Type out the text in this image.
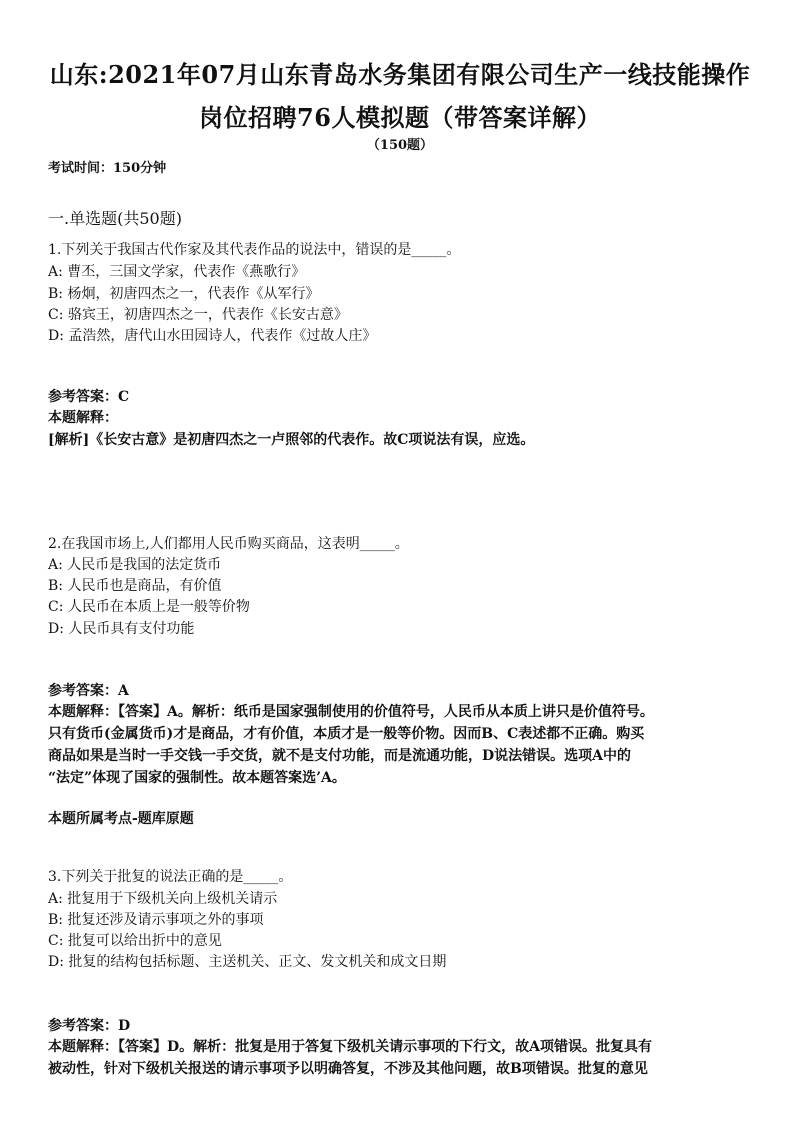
山东:2021年07月山东青岛水务集团有限公司生产一线技能操作
岗位招聘76人模拟题（带答案详解）
（150题）
考试时间：150分钟
一.单选题(共50题)
1.下列关于我国古代作家及其代表作品的说法中，错误的是_____。
A: 曹丕，三国文学家，代表作《燕歌行》
B: 杨炯，初唐四杰之一，代表作《从军行》
C: 骆宾王，初唐四杰之一，代表作《长安古意》
D: 孟浩然，唐代山水田园诗人，代表作《过故人庄》
参考答案：C
本题解释：
[解析]《长安古意》是初唐四杰之一卢照邻的代表作。故C项说法有误，应选。
2.在我国市场上,人们都用人民币购买商品，这表明_____。
A: 人民币是我国的法定货币
B: 人民币也是商品，有价值
C: 人民币在本质上是一般等价物
D: 人民币具有支付功能
参考答案：A
本题解释：【答案】A。解析：纸币是国家强制使用的价值符号，人民币从本质上讲只是价值符号。
只有货币(金属货币)才是商品，才有价值，本质才是一般等价物。因而B、C表述都不正确。购买
商品如果是当时一手交钱一手交货，就不是支付功能，而是流通功能，D说法错误。选项A中的
“法定”体现了国家的强制性。故本题答案选’A。
本题所属考点-题库原题
3.下列关于批复的说法正确的是_____。
A: 批复用于下级机关向上级机关请示
B: 批复还涉及请示事项之外的事项
C: 批复可以给出折中的意见
D: 批复的结构包括标题、主送机关、正文、发文机关和成文日期
参考答案：D
本题解释：【答案】D。解析：批复是用于答复下级机关请示事项的下行文，故A项错误。批复具有
被动性，针对下级机关报送的请示事项予以明确答复，不涉及其他问题，故B项错误。批复的意见
